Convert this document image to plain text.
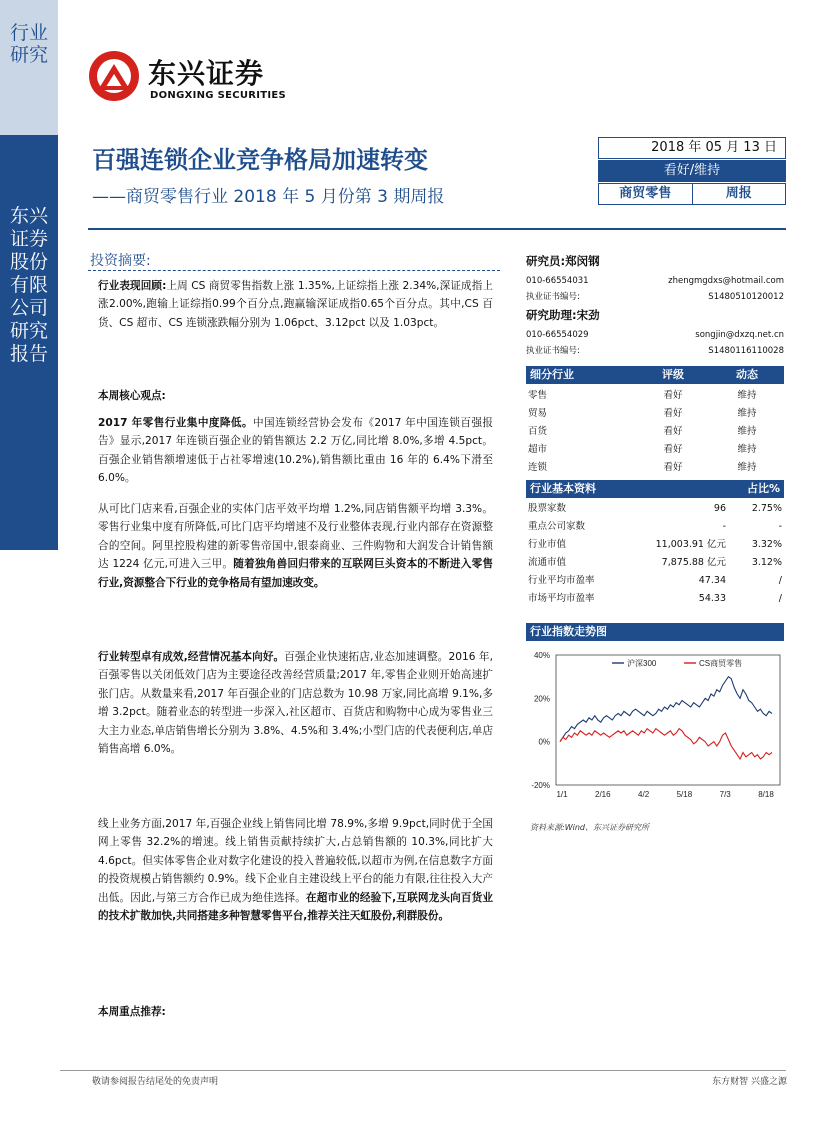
行业研究
东兴证券股份有限公司研究报告
东兴证券
DONGXING SECURITIES
百强连锁企业竞争格局加速转变
——商贸零售行业 2018 年 5 月份第 3 期周报
2018 年 05 月 13 日
看好/维持
商贸零售	周报
投资摘要:
行业表现回顾:上周 CS 商贸零售指数上涨 1.35%,上证综指上涨 2.34%,深证成指上涨2.00%,跑输上证综指0.99个百分点,跑赢输深证成指0.65个百分点。其中,CS 百货、CS 超市、CS 连锁涨跌幅分别为 1.06pct、3.12pct 以及 1.03pct。
本周核心观点:
2017 年零售行业集中度降低。中国连锁经营协会发布《2017 年中国连锁百强报告》显示,2017 年连锁百强企业的销售额达 2.2 万亿,同比增 8.0%,多增 4.5pct。百强企业销售额增速低于占社零增速(10.2%),销售额比重由 16 年的 6.4%下滑至 6.0%。
从可比门店来看,百强企业的实体门店平效平均增 1.2%,同店销售额平均增 3.3%。零售行业集中度有所降低,可比门店平均增速不及行业整体表现,行业内部存在资源整合的空间。阿里控股构建的新零售帝国中,银泰商业、三件购物和大润发合计销售额达 1224 亿元,可进入三甲。随着独角兽回归带来的互联网巨头资本的不断进入零售行业,资源整合下行业的竞争格局有望加速改变。
行业转型卓有成效,经营情况基本向好。百强企业快速拓店,业态加速调整。2016 年,百强零售以关闭低效门店为主要途径改善经营质量;2017 年,零售企业则开始高速扩张门店。从数量来看,2017 年百强企业的门店总数为 10.98 万家,同比高增 9.1%,多增 3.2pct。随着业态的转型进一步深入,社区超市、百货店和购物中心成为零售业三大主力业态,单店销售增长分别为 3.8%、4.5%和 3.4%;小型门店的代表便利店,单店销售高增 6.0%。
线上业务方面,2017 年,百强企业线上销售同比增 78.9%,多增 9.9pct,同时优于全国网上零售 32.2%的增速。线上销售贡献持续扩大,占总销售额的 10.3%,同比扩大 4.6pct。但实体零售企业对数字化建设的投入普遍较低,以超市为例,在信息数字方面的投资规模占销售额约 0.9%。线下企业自主建设线上平台的能力有限,往往投入大产出低。因此,与第三方合作已成为绝佳选择。在超市业的经验下,互联网龙头向百货业的技术扩散加快,共同搭建多种智慧零售平台,推荐关注天虹股份,利群股份。
本周重点推荐:
研究员:郑闵钢
010-66554031	zhengmgdxs@hotmail.com
执业证书编号:	S1480510120012
研究助理:宋劲
010-66554029	songjin@dxzq.net.cn
执业证书编号:	S1480116110028
细分行业	评级	动态
零售	看好	维持
贸易	看好	维持
百货	看好	维持
超市	看好	维持
连锁	看好	维持
行业基本资料	占比%
股票家数	96	2.75%
重点公司家数	-	-
行业市值	11,003.91 亿元	3.32%
流通市值	7,875.88 亿元	3.12%
行业平均市盈率	47.34	/
市场平均市盈率	54.33	/
行业指数走势图
40%
20%
0%
-20%
1/1	2/16	4/2	5/18	7/3	8/18
沪深300	CS商贸零售
资料来源:Wind、东兴证券研究所
敬请参阅报告结尾处的免责声明	东方财智 兴盛之源
